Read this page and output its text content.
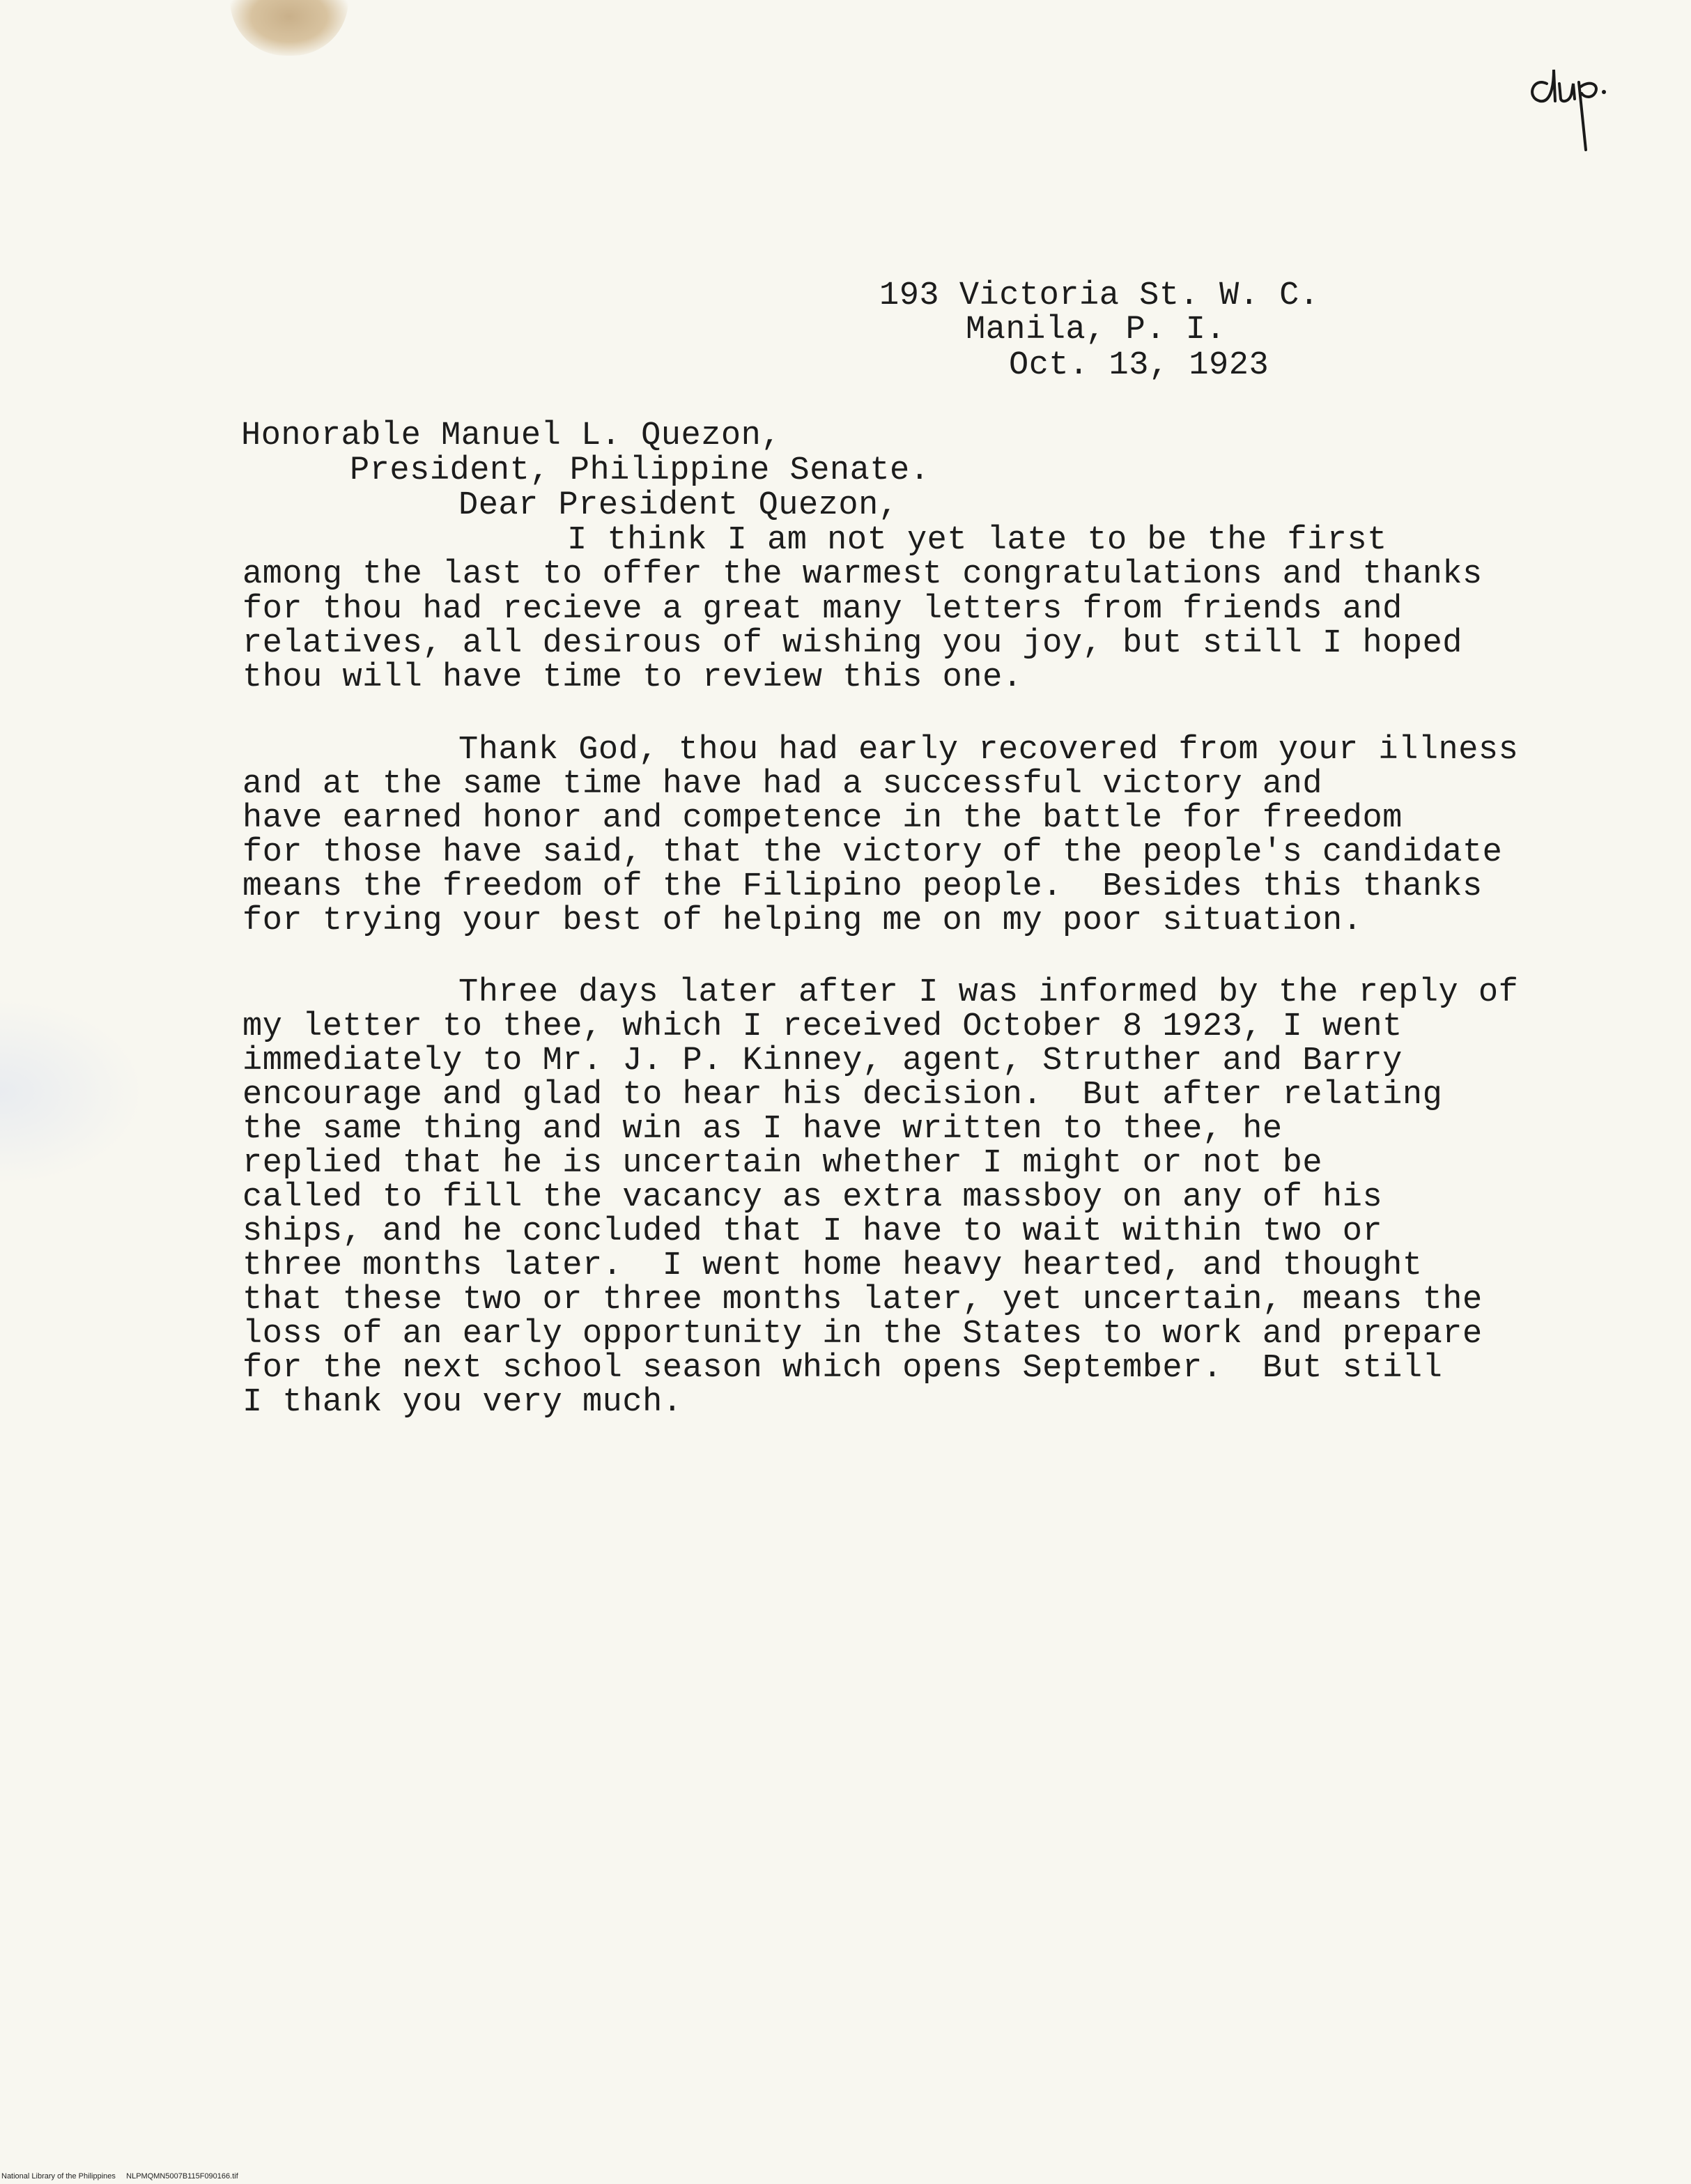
193 Victoria St. W. C.
Manila, P. I.
Oct. 13, 1923
Honorable Manuel L. Quezon,
President, Philippine Senate.
Dear President Quezon,
I think I am not yet late to be the first
among the last to offer the warmest congratulations and thanks
for thou had recieve a great many letters from friends and
relatives, all desirous of wishing you joy, but still I hoped
thou will have time to review this one.
Thank God, thou had early recovered from your illness
and at the same time have had a successful victory and
have earned honor and competence in the battle for freedom
for those have said, that the victory of the people's candidate
means the freedom of the Filipino people.  Besides this thanks
for trying your best of helping me on my poor situation.
Three days later after I was informed by the reply of
my letter to thee, which I received October 8 1923, I went
immediately to Mr. J. P. Kinney, agent, Struther and Barry
encourage and glad to hear his decision.  But after relating
the same thing and win as I have written to thee, he
replied that he is uncertain whether I might or not be
called to fill the vacancy as extra massboy on any of his
ships, and he concluded that I have to wait within two or
three months later.  I went home heavy hearted, and thought
that these two or three months later, yet uncertain, means the
loss of an early opportunity in the States to work and prepare
for the next school season which opens September.  But still
I thank you very much.
National Library of the Philippines     NLPMQMN5007B115F090166.tif
